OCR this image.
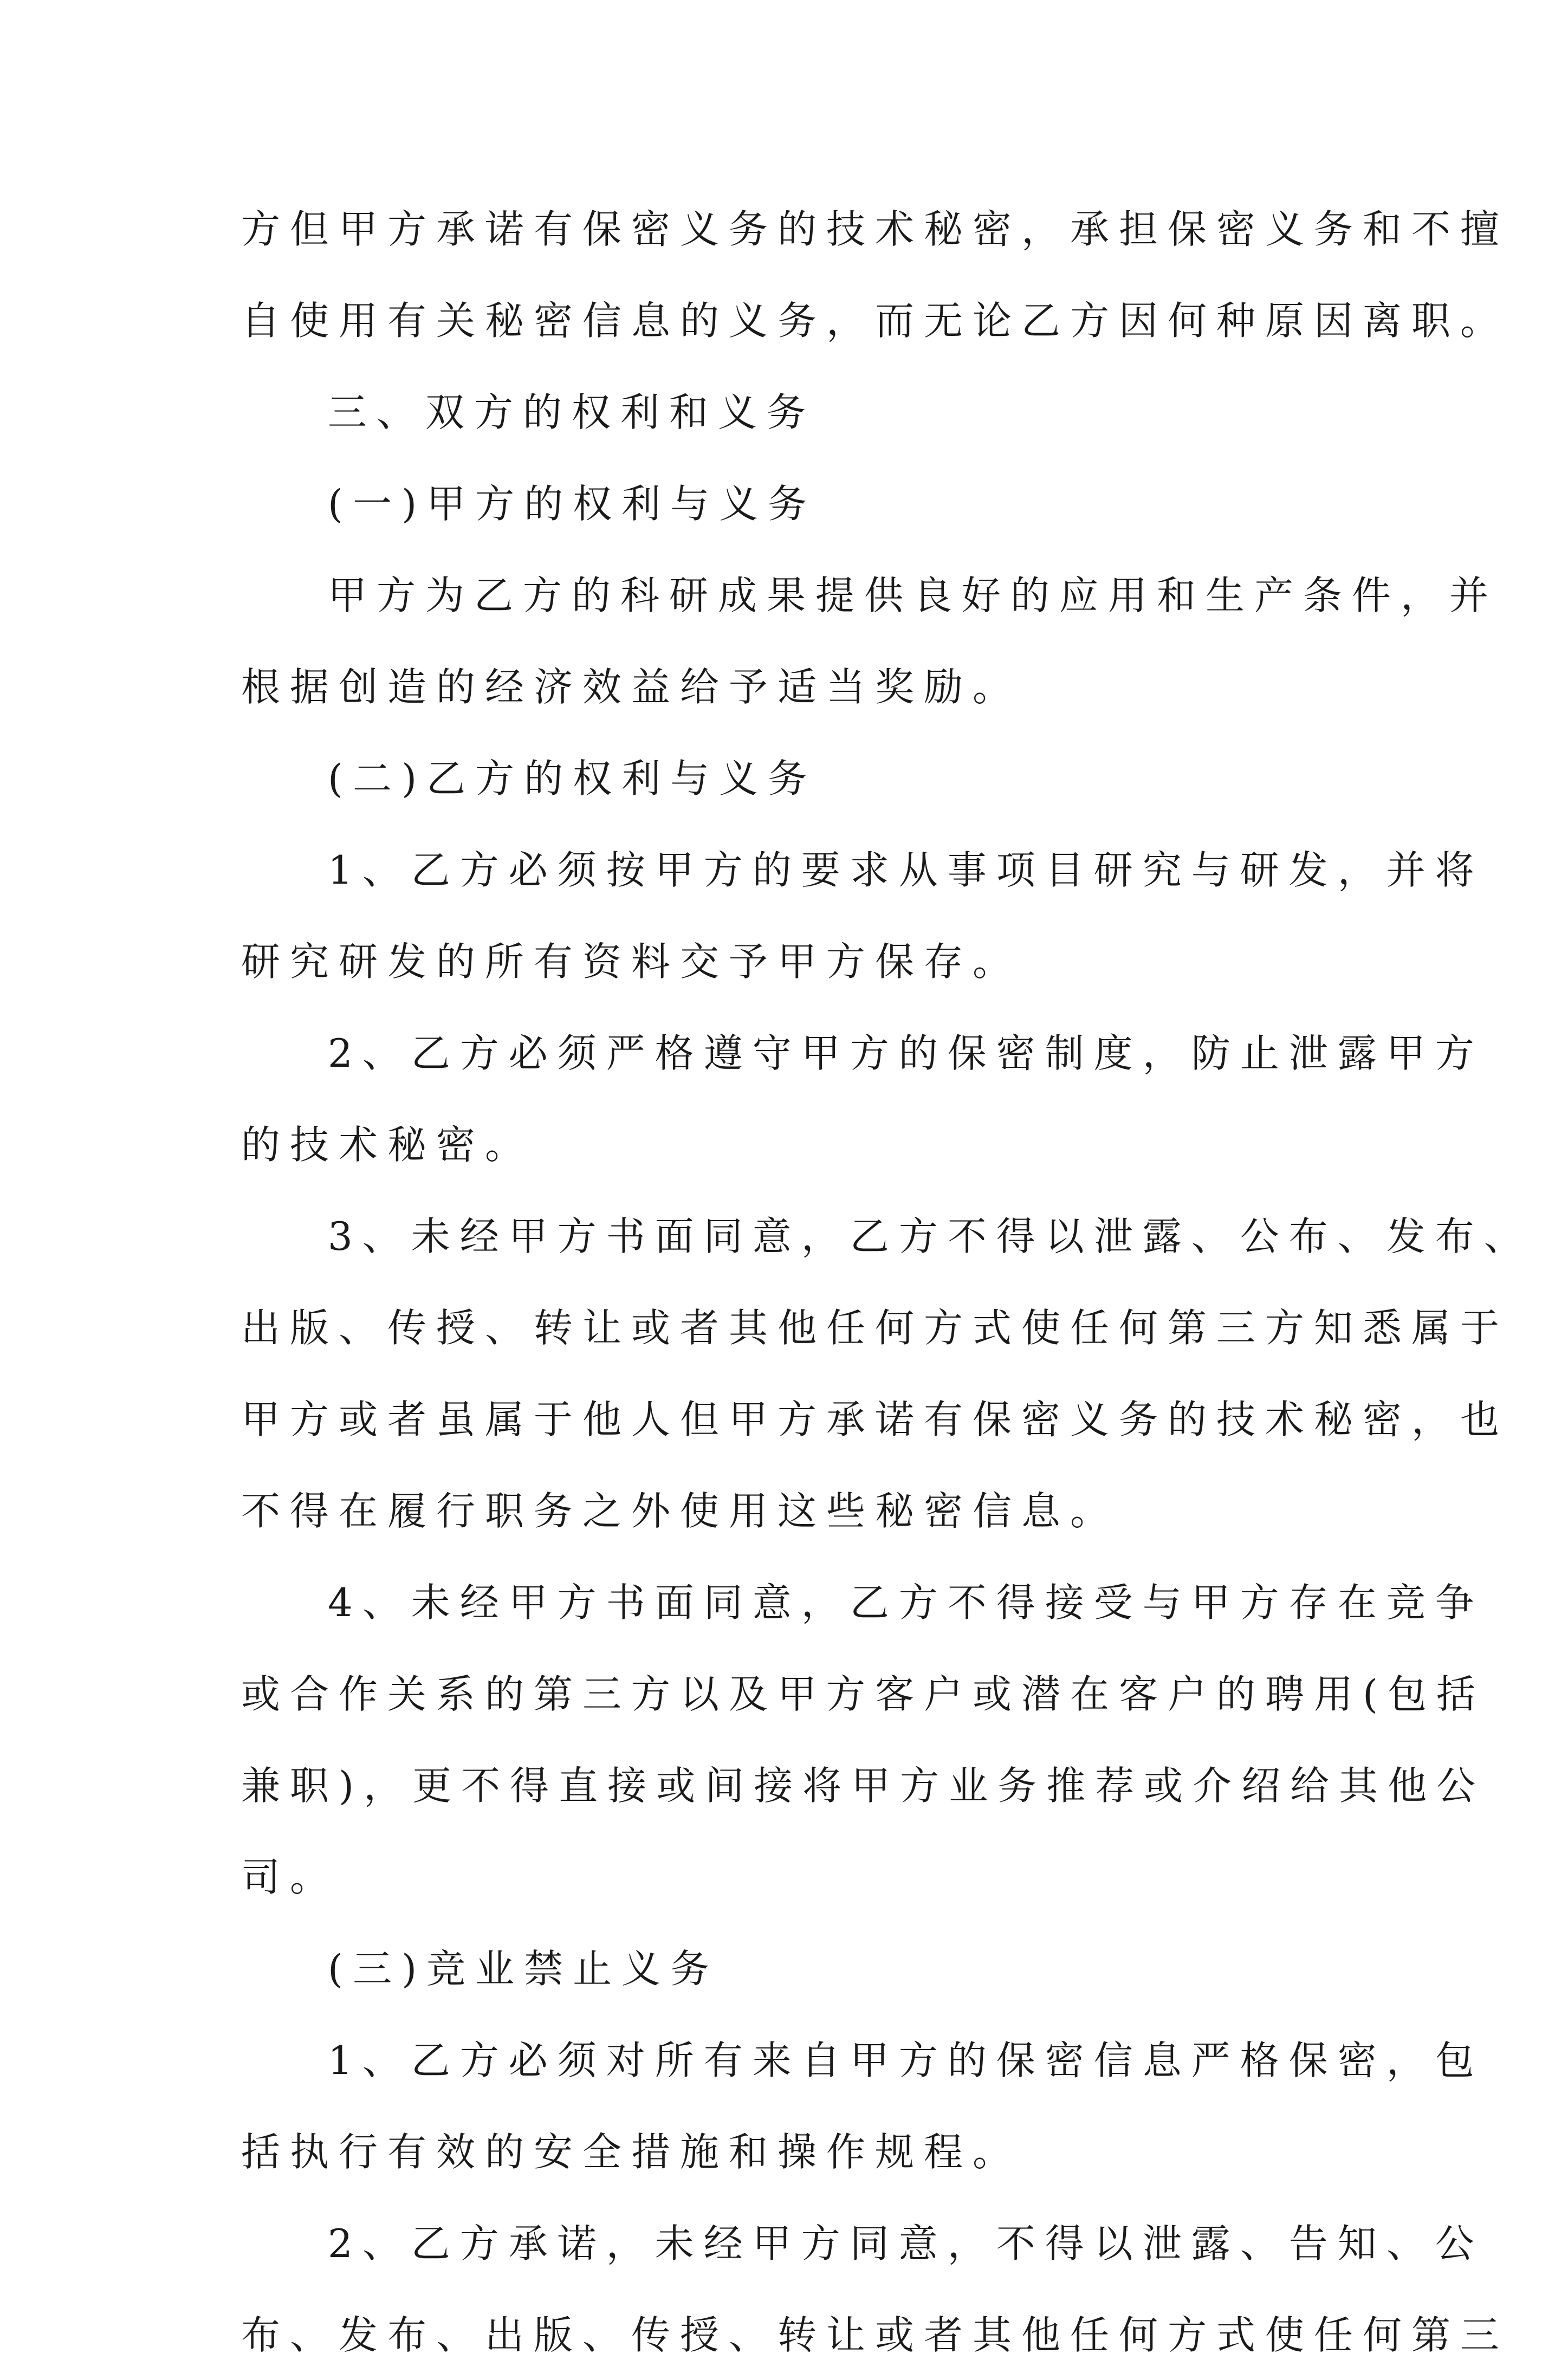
方但甲方承诺有保密义务的技术秘密，承担保密义务和不擅
自使用有关秘密信息的义务，而无论乙方因何种原因离职。
三、双方的权利和义务
(一)甲方的权利与义务
甲方为乙方的科研成果提供良好的应用和生产条件，并
根据创造的经济效益给予适当奖励。
(二)乙方的权利与义务
1、乙方必须按甲方的要求从事项目研究与研发，并将
研究研发的所有资料交予甲方保存。
2、乙方必须严格遵守甲方的保密制度，防止泄露甲方
的技术秘密。
3、未经甲方书面同意，乙方不得以泄露、公布、发布、
出版、传授、转让或者其他任何方式使任何第三方知悉属于
甲方或者虽属于他人但甲方承诺有保密义务的技术秘密，也
不得在履行职务之外使用这些秘密信息。
4、未经甲方书面同意，乙方不得接受与甲方存在竞争
或合作关系的第三方以及甲方客户或潜在客户的聘用(包括
兼职)，更不得直接或间接将甲方业务推荐或介绍给其他公
司。
(三)竞业禁止义务
1、乙方必须对所有来自甲方的保密信息严格保密，包
括执行有效的安全措施和操作规程。
2、乙方承诺，未经甲方同意，不得以泄露、告知、公
布、发布、出版、传授、转让或者其他任何方式使任何第三
